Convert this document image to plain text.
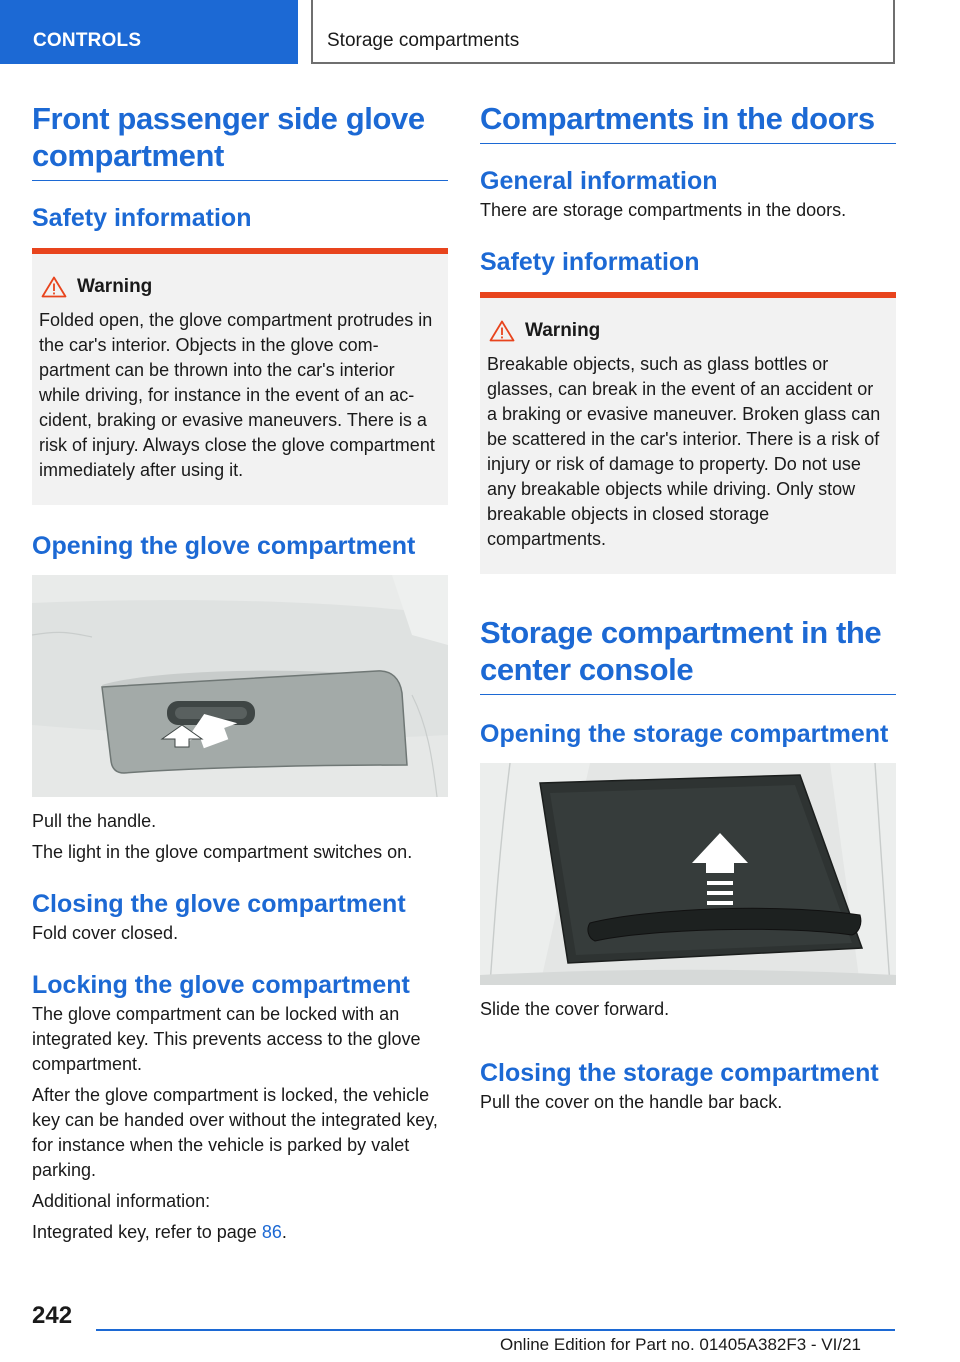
CONTROLS	Storage compartments
Front passenger side glove compartment
Safety information
Warning

Folded open, the glove compartment protrudes in the car's interior. Objects in the glove compartment can be thrown into the car's interior while driving, for instance in the event of an accident, braking or evasive maneuvers. There is a risk of injury. Always close the glove compartment immediately after using it.

Opening the glove compartment

Pull the handle.

The light in the glove compartment switches on.

Closing the glove compartment

Fold cover closed.

Locking the glove compartment

The glove compartment can be locked with an integrated key. This prevents access to the glove compartment.

After the glove compartment is locked, the vehicle key can be handed over without the integrated key, for instance when the vehicle is parked by valet parking.

Additional information:

Integrated key, refer to page 86.

Compartments in the doors
General information

There are storage compartments in the doors.

Safety information
Warning

Breakable objects, such as glass bottles or glasses, can break in the event of an accident or a braking or evasive maneuver. Broken glass can be scattered in the car's interior. There is a risk of injury or risk of damage to property. Do not use any breakable objects while driving. Only stow breakable objects in closed storage compartments.

Storage compartment in the center console
Opening the storage compartment

Slide the cover forward.

Closing the storage compartment

Pull the cover on the handle bar back.

242
Online Edition for Part no. 01405A382F3 - VI/21
